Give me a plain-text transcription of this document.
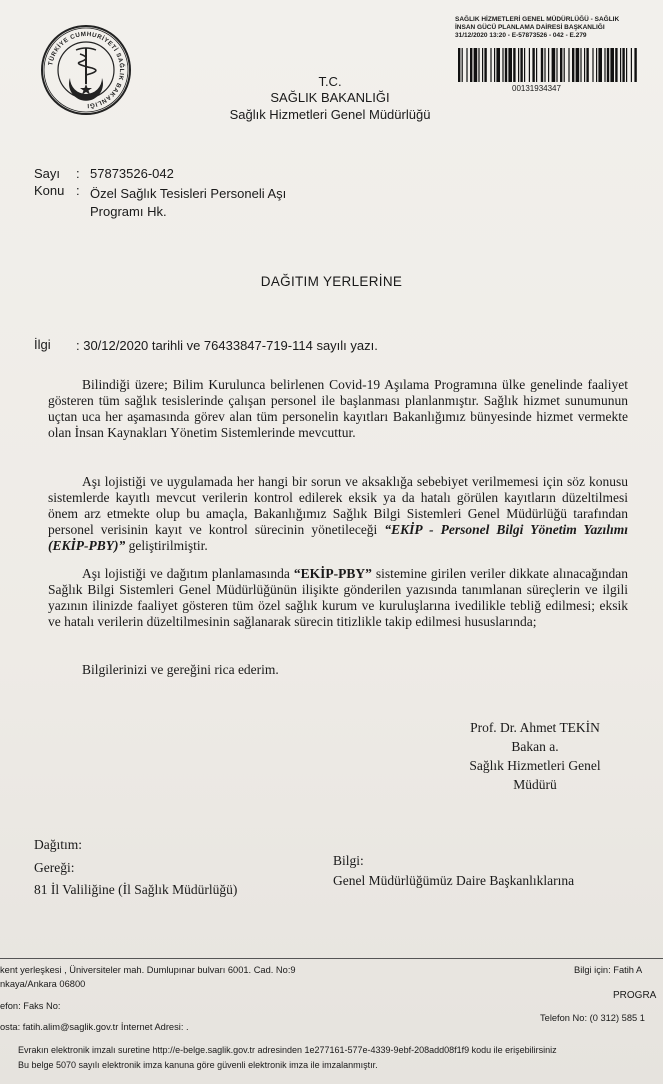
TÜRKİYE CUMHURİYETİ SAĞLIK BAKANLIĞI
SAĞLIK HİZMETLERİ GENEL MÜDÜRLÜĞÜ - SAĞLIK
İNSAN GÜCÜ PLANLAMA DAİRESİ BAŞKANLIĞI
31/12/2020 13:20 - E-57873526 - 042 - E.279
00131934347
T.C.
SAĞLIK BAKANLIĞI
Sağlık Hizmetleri Genel Müdürlüğü
Sayı : 57873526-042
Konu : Özel Sağlık Tesisleri Personeli Aşı
Programı Hk.
DAĞITIM YERLERİNE
İlgi : 30/12/2020 tarihli ve 76433847-719-114 sayılı yazı.
Bilindiği üzere; Bilim Kurulunca belirlenen Covid-19 Aşılama Programına ülke genelinde faaliyet gösteren tüm sağlık tesislerinde çalışan personel ile başlanması planlanmıştır. Sağlık hizmet sunumunun uçtan uca her aşamasında görev alan tüm personelin kayıtları Bakanlığımız bünyesinde hizmet vermekte olan İnsan Kaynakları Yönetim Sistemlerinde mevcuttur.
Aşı lojistiği ve uygulamada her hangi bir sorun ve aksaklığa sebebiyet verilmemesi için söz konusu sistemlerde kayıtlı mevcut verilerin kontrol edilerek eksik ya da hatalı görülen kayıtların düzeltilmesi önem arz etmekte olup bu amaçla, Bakanlığımız Sağlık Bilgi Sistemleri Genel Müdürlüğü tarafından personel verisinin kayıt ve kontrol sürecinin yönetileceği “EKİP - Personel Bilgi Yönetim Yazılımı (EKİP-PBY)” geliştirilmiştir.
Aşı lojistiği ve dağıtım planlamasında “EKİP-PBY” sistemine girilen veriler dikkate alınacağından Sağlık Bilgi Sistemleri Genel Müdürlüğünün ilişikte gönderilen yazısında tanımlanan süreçlerin ve ilgili yazının ilinizde faaliyet gösteren tüm özel sağlık kurum ve kuruluşlarına ivedilikle tebliğ edilmesi; eksik ve hatalı verilerin düzeltilmesinin sağlanarak sürecin titizlikle takip edilmesi hususlarında;
Bilgilerinizi ve gereğini rica ederim.
Prof. Dr. Ahmet TEKİN
Bakan a.
Sağlık Hizmetleri Genel
Müdürü
Dağıtım:
Gereği:
81 İl Valiliğine (İl Sağlık Müdürlüğü)
Bilgi:
Genel Müdürlüğümüz Daire Başkanlıklarına
kent yerleşkesi , Üniversiteler mah. Dumlupınar bulvarı 6001. Cad. No:9
nkaya/Ankara 06800
efon: Faks No:
osta: fatih.alim@saglik.gov.tr İnternet Adresi: .
Bilgi için: Fatih A
PROGRA
Telefon No: (0 312) 585 1
Evrakın elektronik imzalı suretine http://e-belge.saglik.gov.tr adresinden 1e277161-577e-4339-9ebf-208add08f1f9 kodu ile erişebilirsiniz
Bu belge 5070 sayılı elektronik imza kanuna göre güvenli elektronik imza ile imzalanmıştır.
